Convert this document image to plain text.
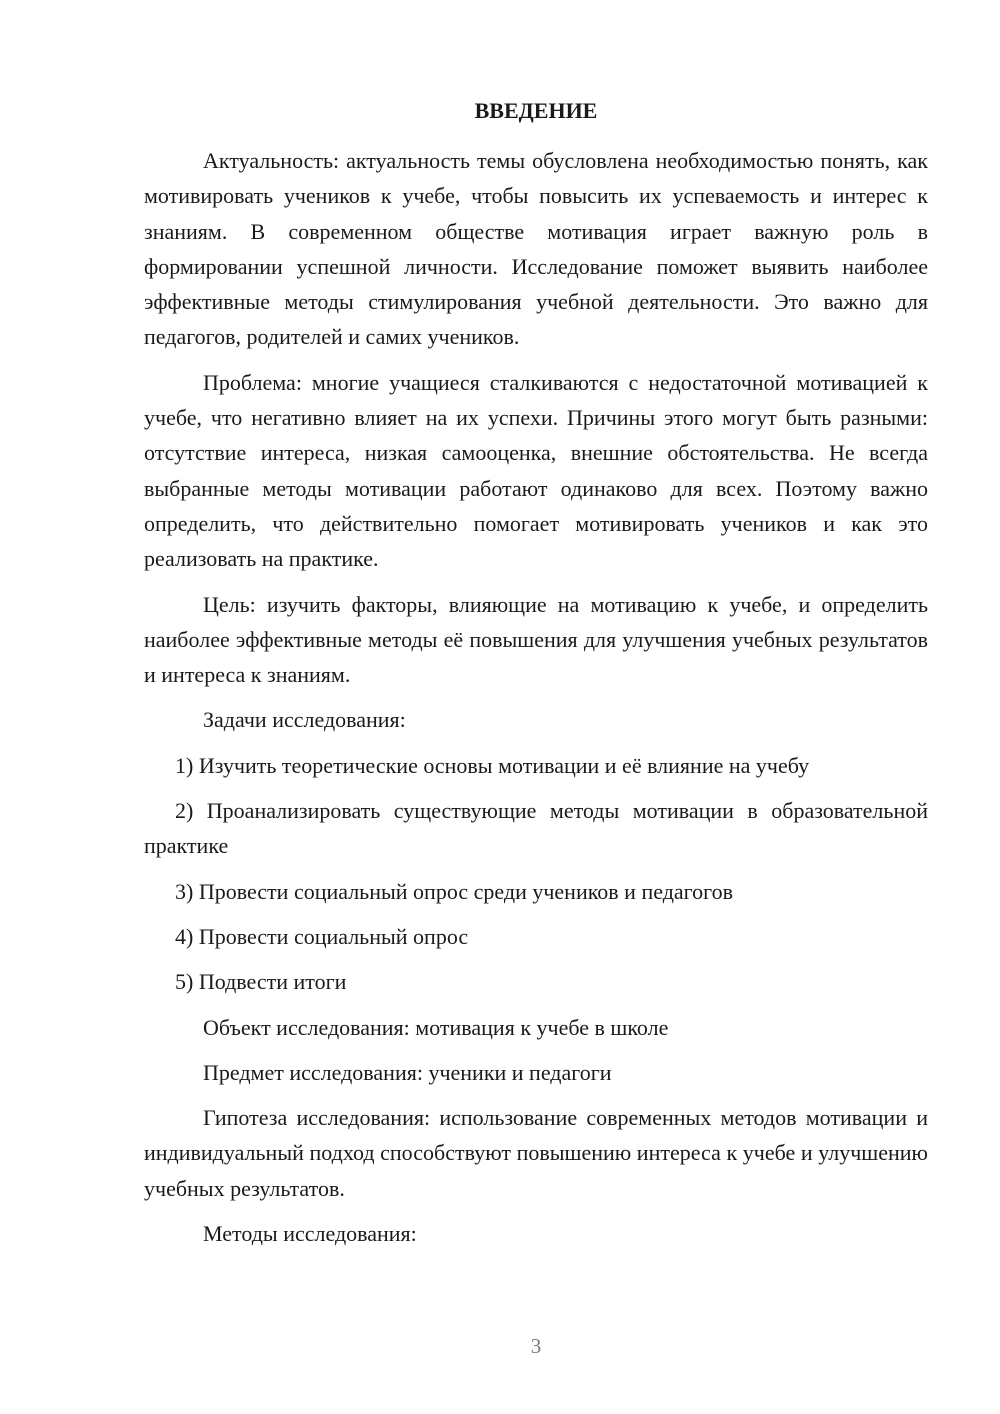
ВВЕДЕНИЕ

Актуальность: актуальность темы обусловлена необходимостью понять, как мотивировать учеников к учебе, чтобы повысить их успеваемость и интерес к знаниям. В современном обществе мотивация играет важную роль в формировании успешной личности. Исследование поможет выявить наиболее эффективные методы стимулирования учебной деятельности. Это важно для педагогов, родителей и самих учеников.

Проблема: многие учащиеся сталкиваются с недостаточной мотивацией к учебе, что негативно влияет на их успехи. Причины этого могут быть разными: отсутствие интереса, низкая самооценка, внешние обстоятельства. Не всегда выбранные методы мотивации работают одинаково для всех. Поэтому важно определить, что действительно помогает мотивировать учеников и как это реализовать на практике.

Цель: изучить факторы, влияющие на мотивацию к учебе, и определить наиболее эффективные методы её повышения для улучшения учебных результатов и интереса к знаниям.

Задачи исследования:

1) Изучить теоретические основы мотивации и её влияние на учебу

2) Проанализировать существующие методы мотивации в образовательной практике

3) Провести социальный опрос среди учеников и педагогов

4) Провести социальный опрос

5) Подвести итоги

Объект исследования: мотивация к учебе в школе

Предмет исследования: ученики и педагоги

Гипотеза исследования: использование современных методов мотивации и индивидуальный подход способствуют повышению интереса к учебе и улучшению учебных результатов.

Методы исследования:

3
